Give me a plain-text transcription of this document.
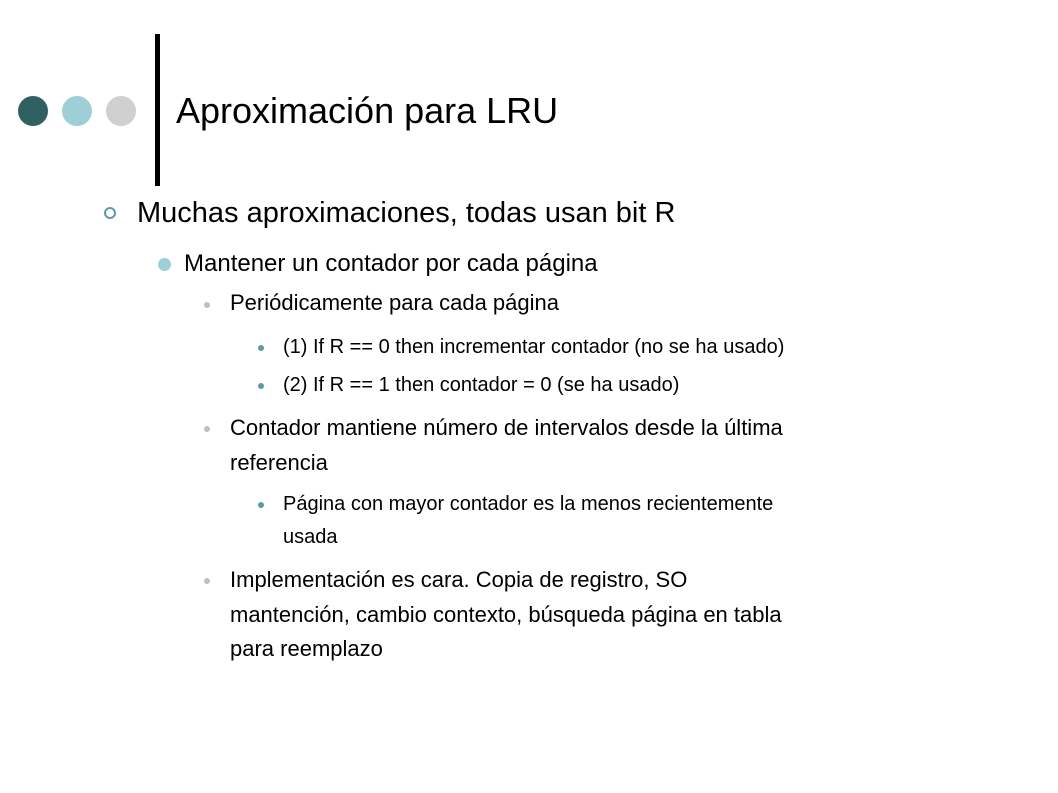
Aproximación para LRU
Muchas aproximaciones, todas usan bit R
Mantener un contador por cada página
Periódicamente para cada página
(1) If R == 0 then incrementar contador (no se ha usado)
(2) If R == 1 then contador = 0 (se ha usado)
Contador mantiene número de intervalos desde la última
referencia
Página con mayor contador es la menos recientemente
usada
Implementación es cara. Copia de registro, SO
mantención, cambio contexto, búsqueda página en tabla
para reemplazo
